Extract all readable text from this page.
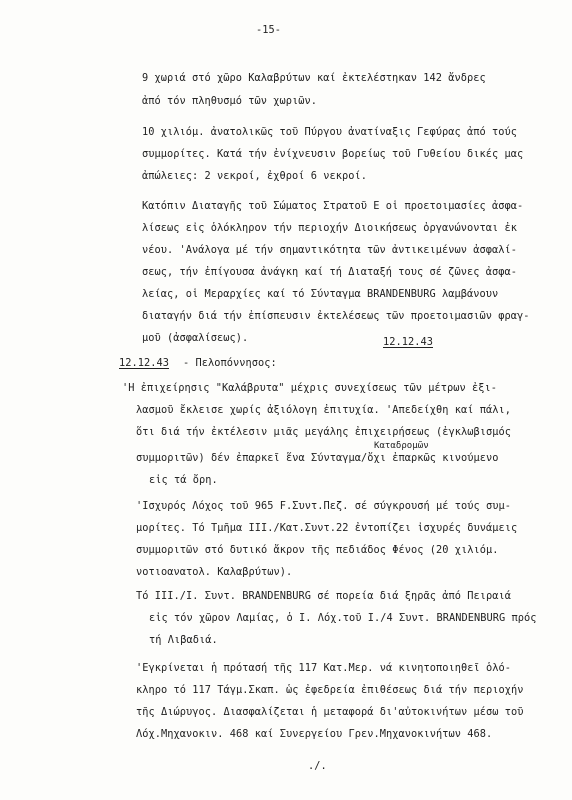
-15-
9 χωριά στό χῶρο Καλαβρύτων καί ἐκτελέστηκαν 142 ἄνδρες
ἀπό τόν πληθυσμό τῶν χωριῶν.
10 χιλιόμ. ἀνατολικῶς τοῦ Πύργου ἀνατίναξις Γεφύρας ἀπό τούς
συμμορίτες. Κατά τήν ἐνίχνευσιν βορείως τοῦ Γυθείου δικές μας
ἀπώλειες: 2 νεκροί, ἐχθροί 6 νεκροί.
Κατόπιν Διαταγῆς τοῦ Σώματος Στρατοῦ Ε οἱ προετοιμασίες ἀσφα-
λίσεως εἰς ὁλόκληρον τήν περιοχήν Διοικήσεως ὀργανώνονται ἐκ
νέου. 'Ανάλογα μέ τήν σημαντικότητα τῶν ἀντικειμένων ἀσφαλί-
σεως, τήν ἐπίγουσα ἀνάγκη καί τή Διαταξή τους σέ ζῶνες ἀσφα-
λείας, οἱ Μεραρχίες καί τό Σύνταγμα BRANDENBURG λαμβάνουν
διαταγήν διά τήν ἐπίσπευσιν ἐκτελέσεως τῶν προετοιμασιῶν φραγ-
μοῦ (ἀσφαλίσεως).	12.12.43
12.12.43 - Πελοπόννησος:
'Η ἐπιχείρησις "Καλάβρυτα" μέχρις συνεχίσεως τῶν μέτρων ἐξι-
λασμοῦ ἔκλεισε χωρίς ἀξιόλογη ἐπιτυχία. 'Απεδείχθη καί πάλι,
ὅτι διά τήν ἐκτέλεσιν μιᾶς μεγάλης ἐπιχειρήσεως (ἐγκλωβισμός
Καταδρομῶν
συμμοριτῶν) δέν ἐπαρκεῖ ἕνα Σύνταγμα/ὄχι ἐπαρκῶς κινούμενο
εἰς τά ὄρη.
'Ισχυρός Λόχος τοῦ 965 F.Συντ.Πεζ. σέ σύγκρουσή μέ τούς συμ-
μορίτες. Τό Τμῆμα III./Κατ.Συντ.22 ἐντοπίζει ἰσχυρές δυνάμεις
συμμοριτῶν στό δυτικό ἄκρον τῆς πεδιάδος Φένος (20 χιλιόμ.
νοτιοανατολ. Καλαβρύτων).
Τό III./I. Συντ. BRANDENBURG σέ πορεία διά ξηρᾶς ἀπό Πειραιά
εἰς τόν χῶρον Λαμίας, ὁ I. Λόχ.τοῦ I./4 Συντ. BRANDENBURG πρός
τή Λιβαδιά.
'Εγκρίνεται ἡ πρότασή τῆς 117 Κατ.Μερ. νά κινητοποιηθεῖ ὁλό-
κληρο τό 117 Τάγμ.Σκαπ. ὡς ἐφεδρεία ἐπιθέσεως διά τήν περιοχήν
τῆς Διώρυγος. Διασφαλίζεται ἡ μεταφορά δι'αὐτοκινήτων μέσω τοῦ
Λόχ.Μηχανοκιν. 468 καί Συνεργείου Γρεν.Μηχανοκινήτων 468.
./.
